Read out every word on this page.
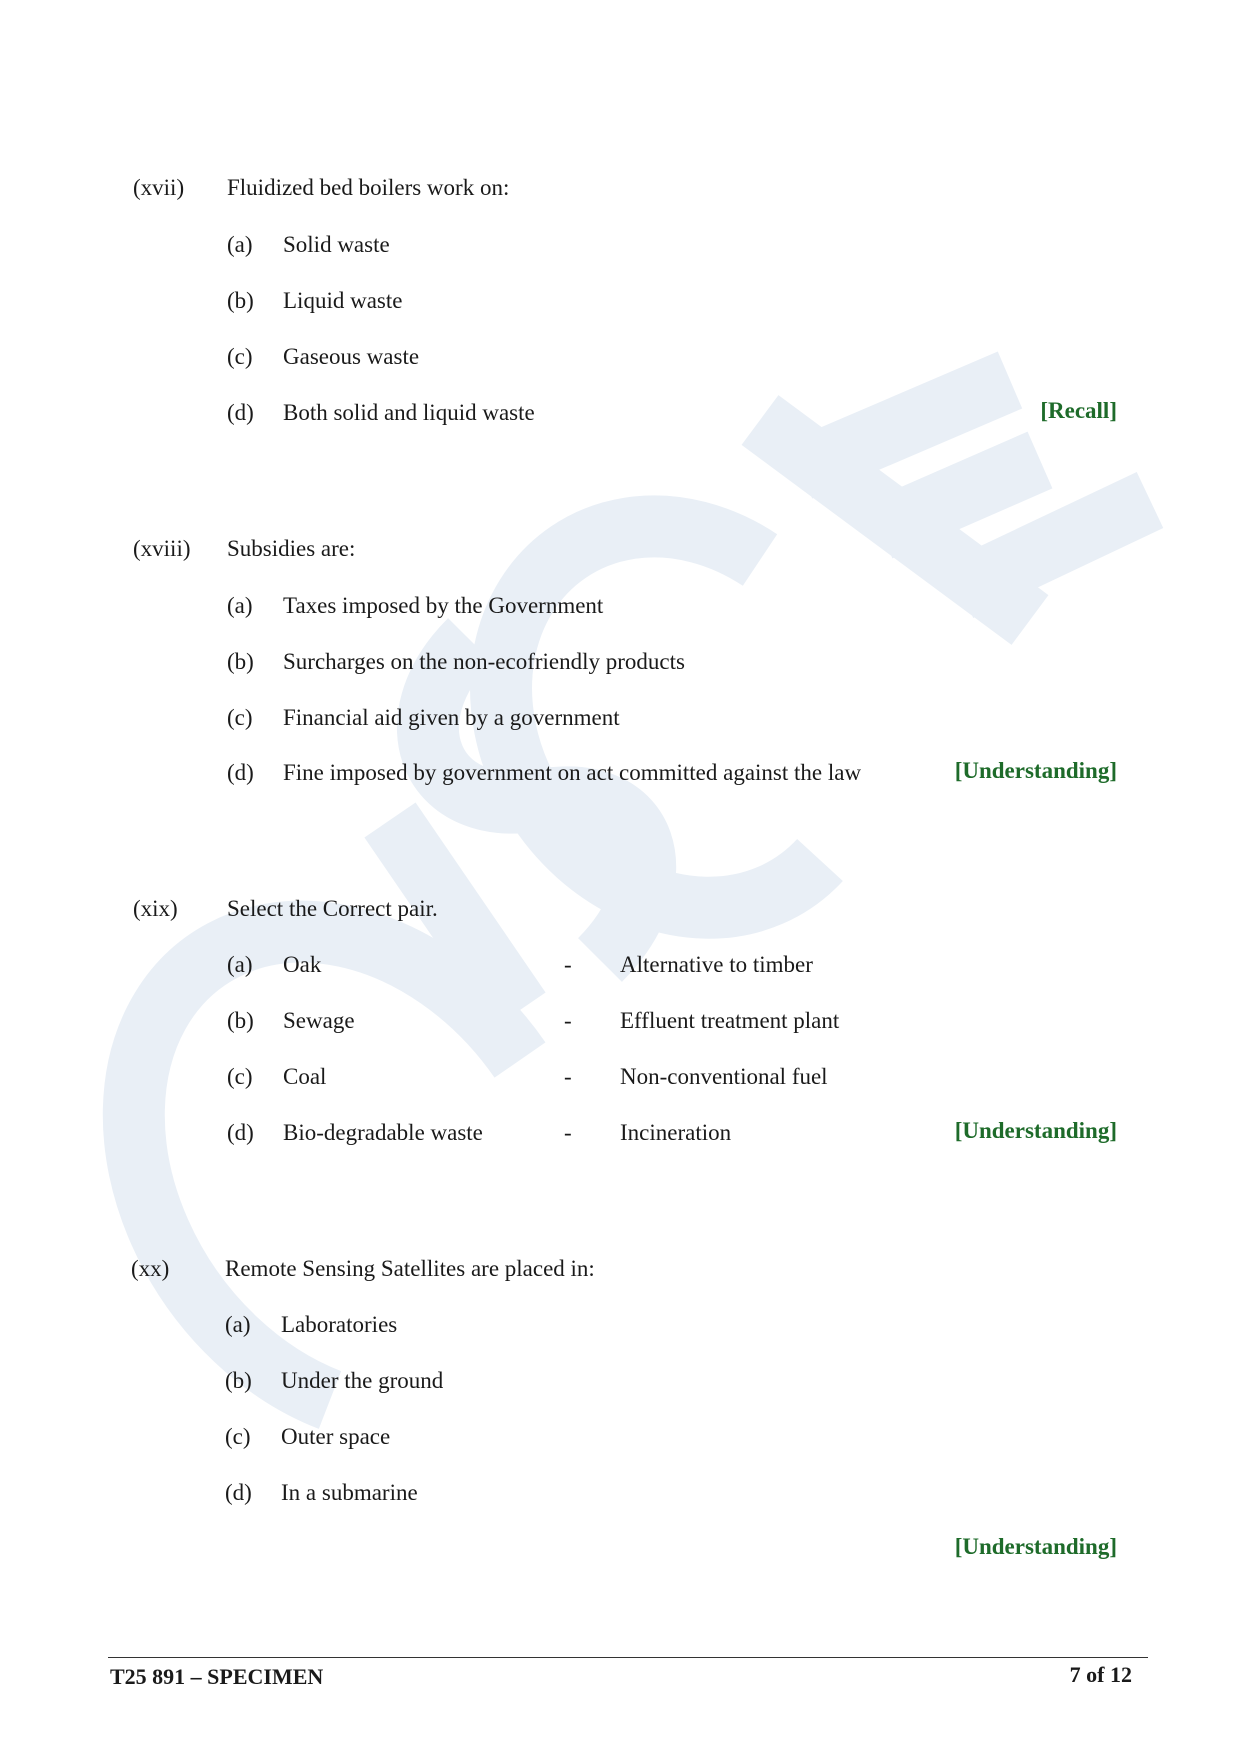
(xvii) Fluidized bed boilers work on:
(a) Solid waste
(b) Liquid waste
(c) Gaseous waste
(d) Both solid and liquid waste	[Recall]
(xviii) Subsidies are:
(a) Taxes imposed by the Government
(b) Surcharges on the non-ecofriendly products
(c) Financial aid given by a government
(d) Fine imposed by government on act committed against the law	[Understanding]
(xix) Select the Correct pair.
(a) Oak	- Alternative to timber
(b) Sewage	- Effluent treatment plant
(c) Coal	- Non-conventional fuel
(d) Bio-degradable waste	- Incineration	[Understanding]
(xx) Remote Sensing Satellites are placed in:
(a) Laboratories
(b) Under the ground
(c) Outer space
(d) In a submarine
[Understanding]
T25 891 – SPECIMEN	7 of 12
